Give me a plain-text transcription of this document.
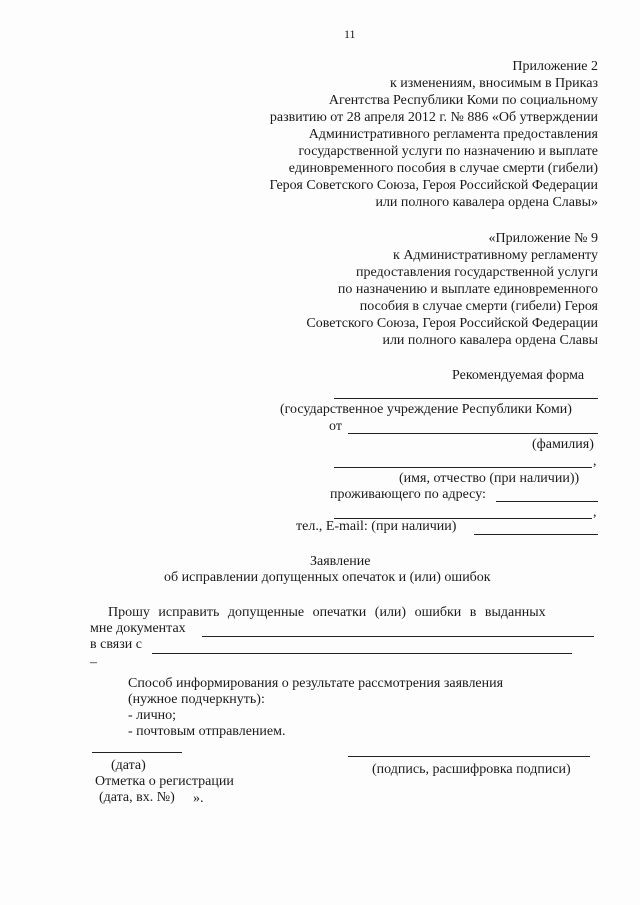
11
Приложение 2
к изменениям, вносимым в Приказ
Агентства Республики Коми по социальному
развитию от 28 апреля 2012 г. № 886 «Об утверждении
Административного регламента предоставления
государственной услуги по назначению и выплате
единовременного пособия в случае смерти (гибели)
Героя Советского Союза, Героя Российской Федерации
или полного кавалера ордена Славы»
«Приложение № 9
к Административному регламенту
предоставления государственной услуги
по назначению и выплате единовременного
пособия в случае смерти (гибели) Героя
Советского Союза, Героя Российской Федерации
или полного кавалера ордена Славы
Рекомендуемая форма
(государственное учреждение Республики Коми)
от
(фамилия)
,
(имя, отчество (при наличии))
проживающего по адресу:
,
тел., E-mail: (при наличии)
Заявление
об исправлении допущенных опечаток и (или) ошибок
Прошу исправить допущенные опечатки (или) ошибки в выданных
мне документах
в связи с
–
Способ информирования о результате рассмотрения заявления
(нужное подчеркнуть):
- лично;
- почтовым отправлением.
(дата)	(подпись, расшифровка подписи)
Отметка о регистрации
(дата, вх. №) ».
